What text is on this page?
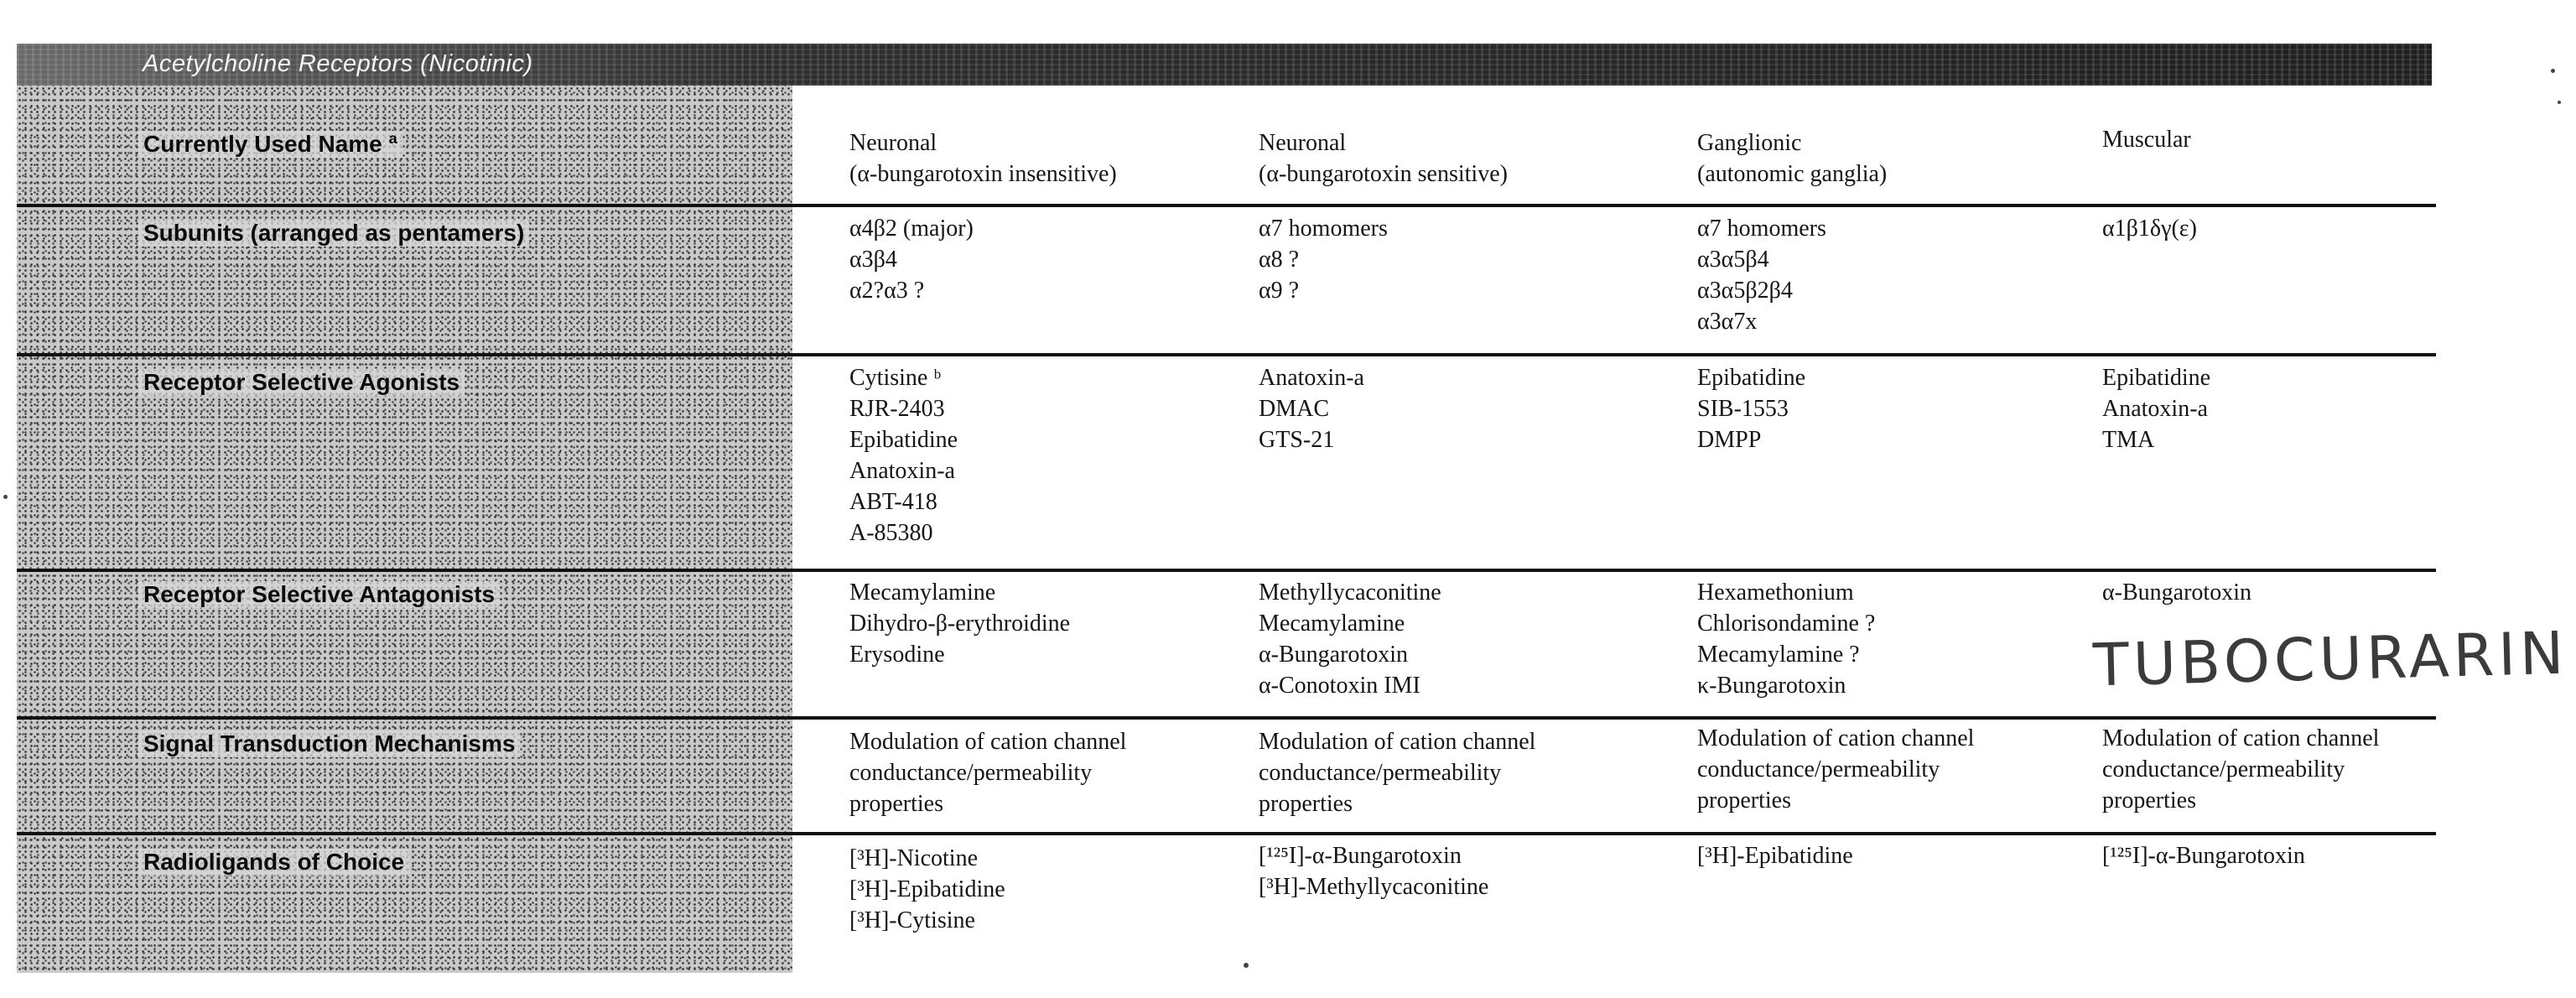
Acetylcholine Receptors (Nicotinic)
Currently Used Name ª
Subunits (arranged as pentamers)
Receptor Selective Agonists
Receptor Selective Antagonists
Signal Transduction Mechanisms
Radioligands of Choice
Neuronal
(α-bungarotoxin insensitive)
Neuronal
(α-bungarotoxin sensitive)
Ganglionic
(autonomic ganglia)
Muscular
α4β2 (major)
α3β4
α2?α3 ?
α7 homomers
α8 ?
α9 ?
α7 homomers
α3α5β4
α3α5β2β4
α3α7x
α1β1δγ(ε)
Cytisine ᵇ
RJR-2403
Epibatidine
Anatoxin-a
ABT-418
A-85380
Anatoxin-a
DMAC
GTS-21
Epibatidine
SIB-1553
DMPP
Epibatidine
Anatoxin-a
TMA
Mecamylamine
Dihydro-β-erythroidine
Erysodine
Methyllycaconitine
Mecamylamine
α-Bungarotoxin
α-Conotoxin IMI
Hexamethonium
Chlorisondamine ?
Mecamylamine ?
κ-Bungarotoxin
α-Bungarotoxin
TUBOCURARIN
Modulation of cation channel
conductance/permeability
properties
Modulation of cation channel
conductance/permeability
properties
Modulation of cation channel
conductance/permeability
properties
Modulation of cation channel
conductance/permeability
properties
[³H]-Nicotine
[³H]-Epibatidine
[³H]-Cytisine
[¹²⁵I]-α-Bungarotoxin
[³H]-Methyllycaconitine
[³H]-Epibatidine	[¹²⁵I]-α-Bungarotoxin
